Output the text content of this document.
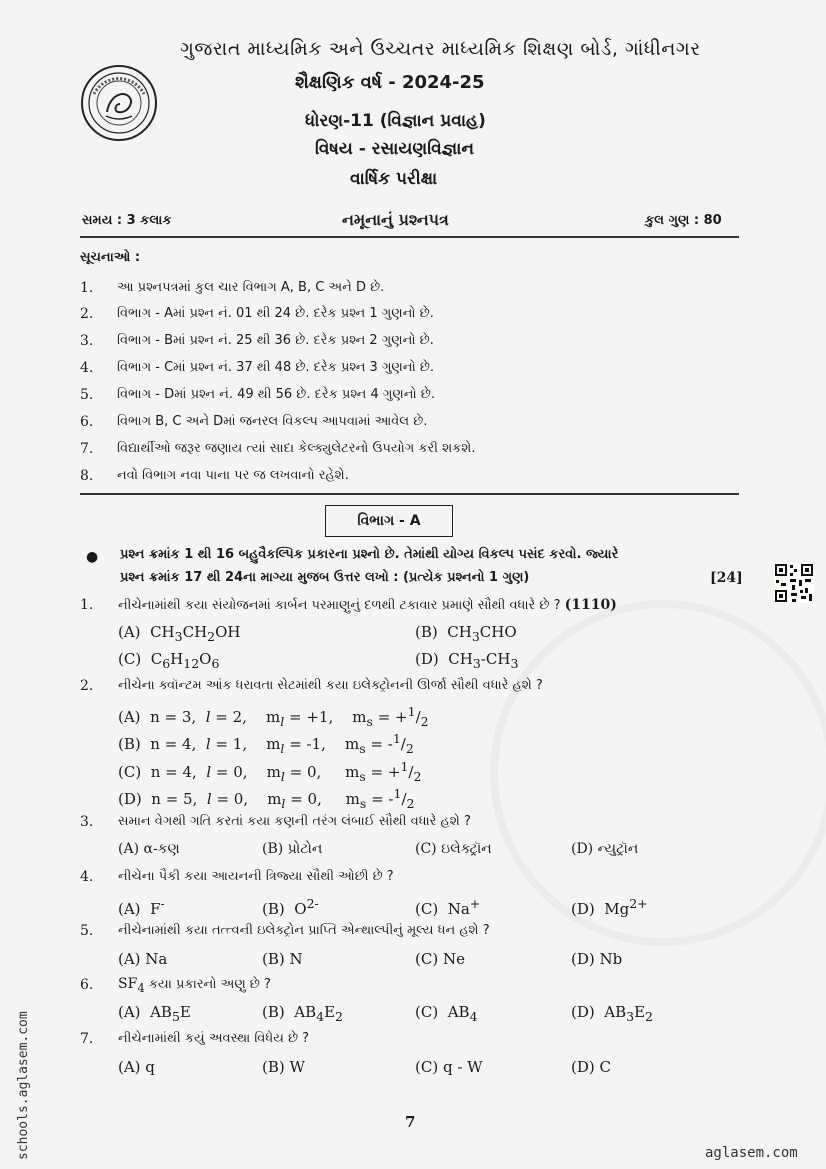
ગુજરાત માધ્યમિક અને ઉચ્ચતર માધ્યમિક શિક્ષણ બોર્ડ, ગાંધીનગર
શૈક્ષણિક વર્ષ - 2024-25
ધોરણ-11 (વિજ્ઞાન પ્રવાહ)
વિષય - રસાયણવિજ્ઞાન
વાર્ષિક પરીક્ષા
સમય : 3 કલાક	નમૂનાનું પ્રશ્નપત્ર	કુલ ગુણ : 80
સૂચનાઓ :
1. આ પ્રશ્નપત્રમાં કુલ ચાર વિભાગ A, B, C અને D છે.
2. વિભાગ - Aમાં પ્રશ્ન નં. 01 થી 24 છે. દરેક પ્રશ્ન 1 ગુણનો છે.
3. વિભાગ - Bમાં પ્રશ્ન નં. 25 થી 36 છે. દરેક પ્રશ્ન 2 ગુણનો છે.
4. વિભાગ - Cમાં પ્રશ્ન નં. 37 થી 48 છે. દરેક પ્રશ્ન 3 ગુણનો છે.
5. વિભાગ - Dમાં પ્રશ્ન નં. 49 થી 56 છે. દરેક પ્રશ્ન 4 ગુણનો છે.
6. વિભાગ B, C અને Dમાં જનરલ વિકલ્પ આપવામાં આવેલ છે.
7. વિદ્યાર્થીઓ જરૂર જણાય ત્યાં સાદા કેલ્ક્યુલેટરનો ઉપયોગ કરી શકશે.
8. નવો વિભાગ નવા પાના પર જ લખવાનો રહેશે.
વિભાગ - A
● પ્રશ્ન ક્રમાંક 1 થી 16 બહુવૈકલ્પિક પ્રકારના પ્રશ્નો છે. તેમાંથી યોગ્ય વિકલ્પ પસંદ કરવો. જ્યારે
પ્રશ્ન ક્રમાંક 17 થી 24ના માગ્યા મુજબ ઉત્તર લખો : (પ્રત્યેક પ્રશ્નનો 1 ગુણ)	[24]
1. નીચેનામાંથી કયા સંયોજનમાં કાર્બન પરમાણુનું દળથી ટકાવાર પ્રમાણે સૌથી વધારે છે ? (1110)
(A)  $CH_3CH_2OH$	(B)  $CH_3CHO$
(C)  $C_6H_{12}O_6$	(D)  $CH_3-CH_3$
2. નીચેના ક્વૉન્ટમ આંક ધરાવતા સેટમાંથી કયા ઇલેક્ટ્રોનની ઊર્જા સૌથી વધારે હશે ?
(A)  n = 3,  l = 2,    $m_l = +1$,    $m_s = +^1/_2$
(B)  n = 4,  l = 1,    $m_l = -1$,    $m_s = -^1/_2$
(C)  n = 4,  l = 0,    $m_l = 0$,     $m_s = +^1/_2$
(D)  n = 5,  l = 0,    $m_l = 0$,     $m_s = -^1/_2$
3. સમાન વેગથી ગતિ કરતાં કયા કણની તરંગ લંબાઈ સૌથી વધારે હશે ?
(A) α-કણ	(B) પ્રોટોન	(C) ઇલેક્ટ્રૉન	(D) ન્યુટ્રૉન
4. નીચેના પૈકી કયા આયનની ત્રિજ્યા સૌથી ઓછી છે ?
(A)  F-	(B)  $O^{2-}$	(C)  Na+	(D)  $Mg^{2+}$
5. નીચેનામાંથી કયા તત્ત્વની ઇલેક્ટ્રોન પ્રાપ્તિ એન્થાલ્પીનું મૂલ્ય ધન હશે ?
(A) Na	(B) N	(C) Ne	(D) Nb
6. $SF_4$ કયા પ્રકારનો અણુ છે ?
(A)  $AB_5E$	(B)  $AB_4E_2$	(C)  $AB_4$	(D)  $AB_3E_2$
7. નીચેનામાંથી કયું અવસ્થા વિધેય છે ?
(A) q	(B) W	(C) q - W	(D) C
7
aglasem.com
schools.aglasem.com
